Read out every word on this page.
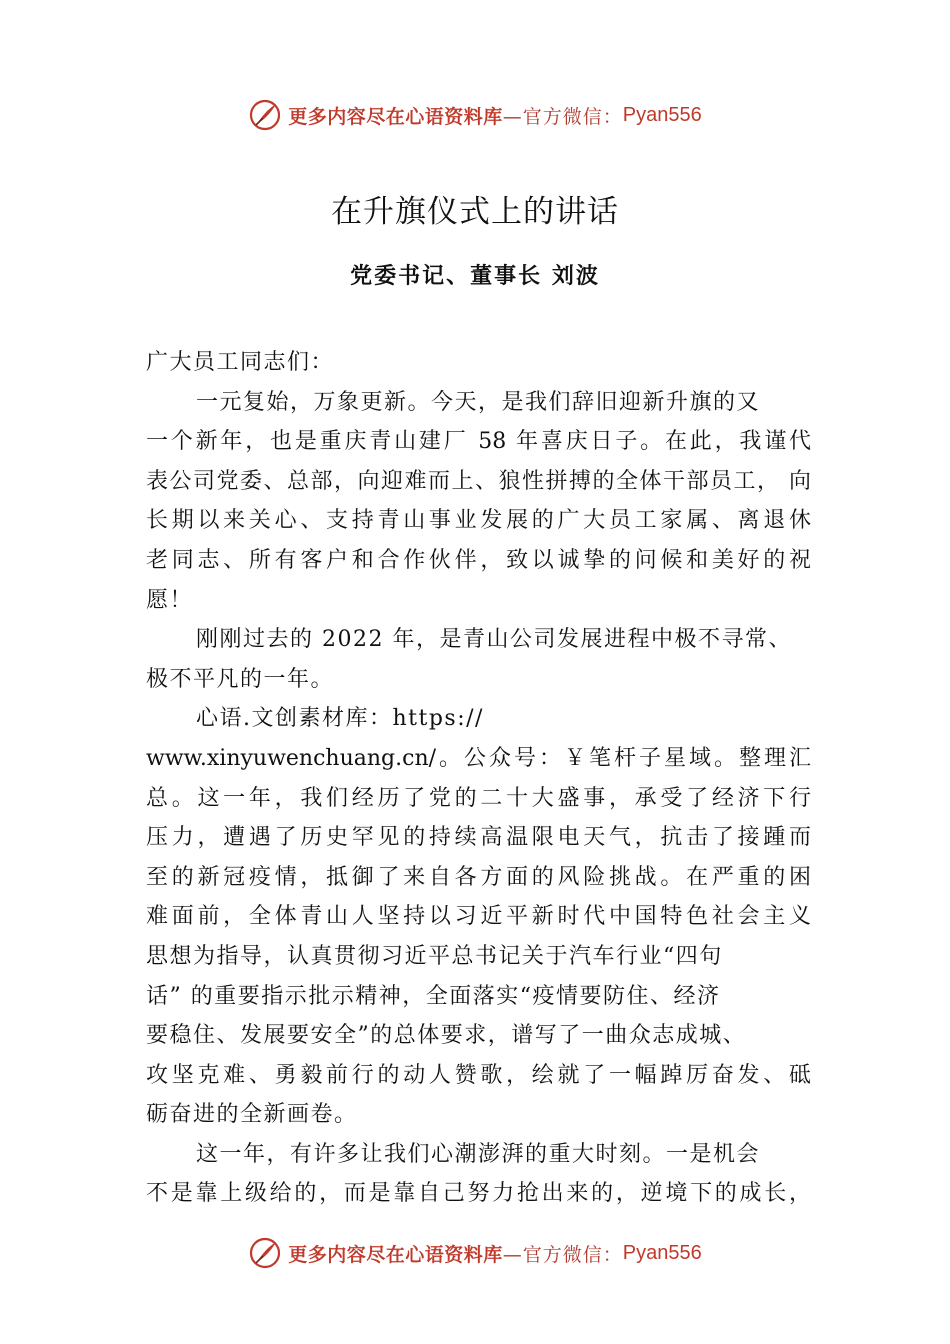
更多内容尽在心语资料库 —官方微信： Pyan556
在升旗仪式上的讲话
党委书记、董事长 刘波
广大员工同志们：
一元复始，万象更新。今天，是我们辞旧迎新升旗的又
一个新年，也是重庆青山建厂 58 年喜庆日子。在此，我谨代
表公司党委、总部，向迎难而上、狼性拼搏的全体干部员工， 向
长期以来关心、支持青山事业发展的广大员工家属、离退休
老同志、所有客户和合作伙伴，致以诚挚的问候和美好的祝
愿！
刚刚过去的 2022 年，是青山公司发展进程中极不寻常、
极不平凡的一年。
心语.文创素材库：https://
www.xinyuwenchuang.cn/。公众号：￥笔杆子星域。整理汇
总。这一年，我们经历了党的二十大盛事，承受了经济下行
压力，遭遇了历史罕见的持续高温限电天气，抗击了接踵而
至的新冠疫情，抵御了来自各方面的风险挑战。在严重的困
难面前，全体青山人坚持以习近平新时代中国特色社会主义
思想为指导，认真贯彻习近平总书记关于汽车行业“四句
话” 的重要指示批示精神，全面落实“疫情要防住、经济
要稳住、发展要安全”的总体要求，谱写了一曲众志成城、
攻坚克难、勇毅前行的动人赞歌，绘就了一幅踔厉奋发、砥
砺奋进的全新画卷。
这一年，有许多让我们心潮澎湃的重大时刻。一是机会
不是靠上级给的，而是靠自己努力抢出来的，逆境下的成长，
更多内容尽在心语资料库 —官方微信： Pyan556
